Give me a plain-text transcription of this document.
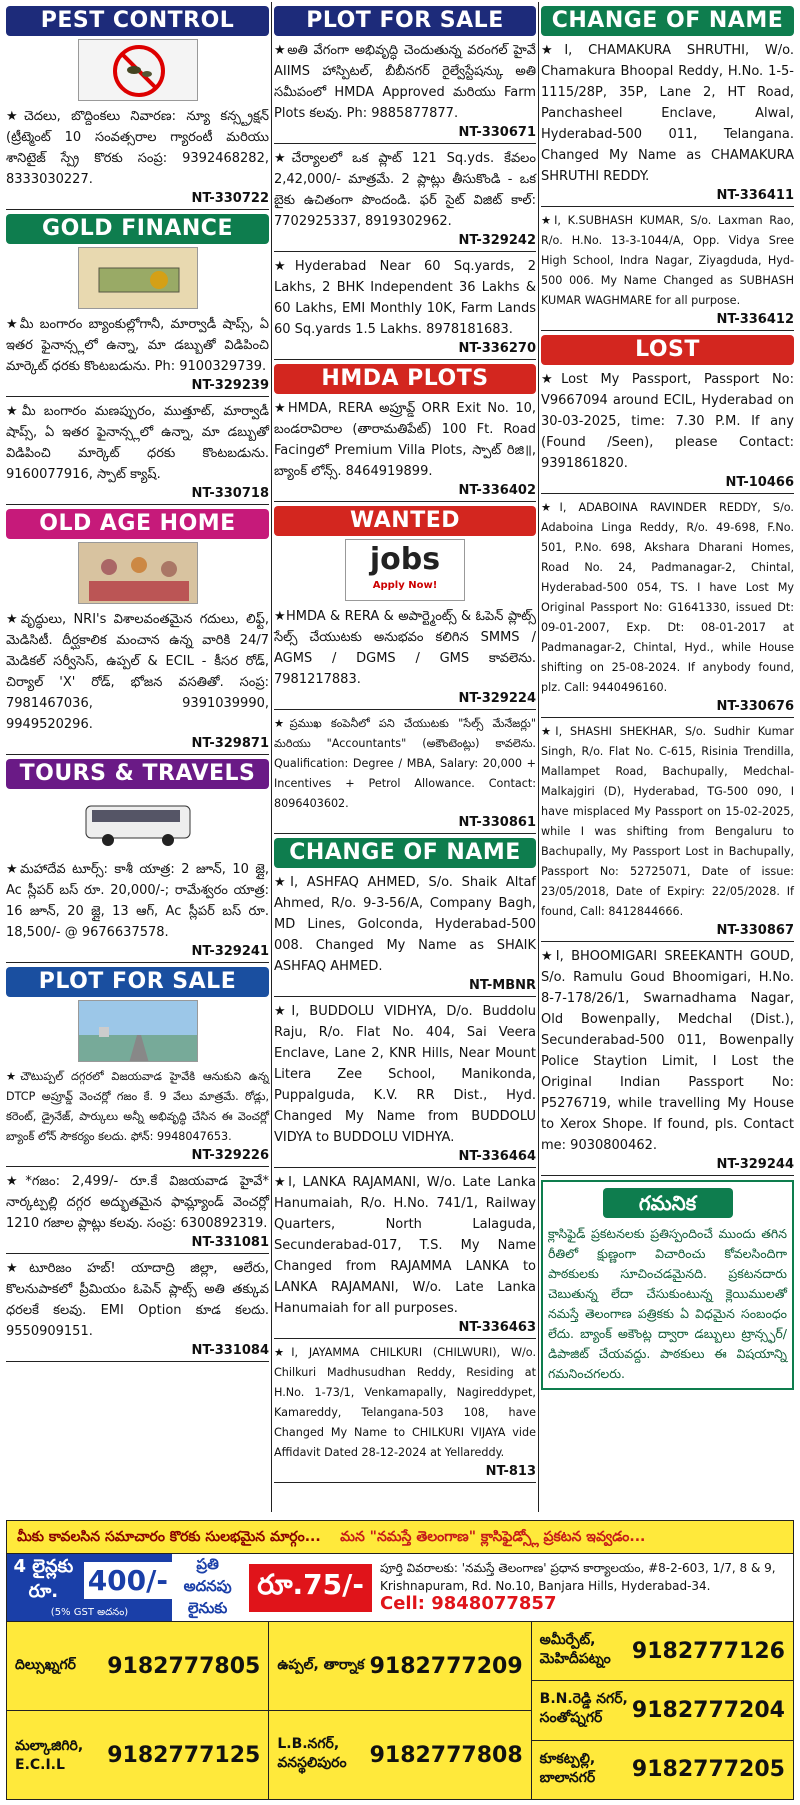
PEST CONTROL
★చెదలు, బొద్దింకలు నివారణ: న్యూ కన్స్ట్రక్షన్ (ట్రీట్మెంట్ 10 సంవత్సరాల గ్యారంటీ మరియు శానిటైజ్ స్ప్రే కొరకు సంప్ర: 9392468282, 8333030227.
NT-330722
GOLD FINANCE
★మీ బంగారం బ్యాంకుల్లోగానీ, మార్వాడీ షాప్స్, ఏ ఇతర ఫైనాన్స్లలో ఉన్నా, మా డబ్బుతో విడిపించి మార్కెట్ ధరకు కొంటబడును. Ph: 9100329739.
NT-329239
★మీ బంగారం మణప్పురం, ముత్తూట్, మార్వాడీ షాప్స్, ఏ ఇతర ఫైనాన్స్లలో ఉన్నా, మా డబ్బుతో విడిపించి మార్కెట్ ధరకు కొంటబడును. 9160077916, స్పాట్ క్యాష్.
NT-330718
OLD AGE HOME
★వృద్ధులు, NRI's విశాలవంతమైన గదులు, లిఫ్ట్, మెడిసిటీ. దీర్ఘకాలిక మంచాన ఉన్న వారికి 24/7 మెడికల్ సర్వీసెస్, ఉప్పల్ & ECIL - కీసర రోడ్, చిర్యాల్ 'X' రోడ్, భోజన వసతితో. సంప్ర: 7981467036, 9391039990, 9949520296.
NT-329871
TOURS & TRAVELS
★మహాదేవ టూర్స్: కాశీ యాత్ర: 2 జూన్, 10 జ్లై, Ac స్లీపర్ బస్ రూ. 20,000/-; రామేశ్వరం యాత్ర: 16 జూన్, 20 జ్లై, 13 ఆగ్, Ac స్లీపర్ బస్ రూ. 18,500/- @ 9676637578.
NT-329241
PLOT FOR SALE
★చౌటుప్పల్ దగ్గరలో విజయవాడ హైవేకి ఆనుకుని ఉన్న DTCP అప్రూవ్డ్ వెంచర్లో గజం కే. 9 వేలు మాత్రమే. రోడ్లు, కరెంట్, డ్రైనేజ్, పార్కులు అన్నీ అభివృద్ధి చేసిన ఈ వెంచర్లో బ్యాంక్ లోన్ సౌకర్యం కలదు. ఫోన్: 9948047653.
NT-329226
★*గజం: 2,499/- రూ.కే విజయవాడ హైవే* నార్కట్పల్లి దగ్గర అద్భుతమైన ఫామ్ల్యాండ్ వెంచర్లో 1210 గజాల ప్లాట్లు కలవు. సంప్ర: 6300892319.
NT-331081
★టూరిజం హబ్! యాదాద్రి జిల్లా, ఆలేరు, కొలనుపాకలో ప్రీమియం ఓపెన్ ప్లాట్స్ అతి తక్కువ ధరలకే కలవు. EMI Option కూడ కలదు. 9550909151.
NT-331084
PLOT FOR SALE
★అతి వేగంగా అభివృద్ధి చెందుతున్న వరంగల్ హైవే AIIMS హాస్పిటల్, బీబీనగర్ రైల్వేస్టేషన్కు అతి సమీపంలో HMDA Approved మరియు Farm Plots కలవు. Ph: 9885877877.
NT-330671
★చేర్యాలలో ఒక ప్లాట్ 121 Sq.yds. కేవలం 2,42,000/- మాత్రమే. 2 ప్లాట్లు తీసుకొండి - ఒక బైకు ఉచితంగా పొందండి. ఫర్ సైట్ విజిట్ కాల్: 7702925337, 8919302962.
NT-329242
★Hyderabad Near 60 Sq.yards, 2 Lakhs, 2 BHK Independent 36 Lakhs & 60 Lakhs, EMI Monthly 10K, Farm Lands 60 Sq.yards 1.5 Lakhs. 8978181683.
NT-336270
HMDA PLOTS
★HMDA, RERA అప్రూవ్డ్ ORR Exit No. 10, బండరావిరాల (తారామతిపేట్) 100 Ft. Road Facingలో Premium Villa Plots, స్పాట్ రిజి॥, బ్యాంక్ లోన్స్. 8464919899.
NT-336402
WANTED
jobs
Apply Now!
★HMDA & RERA & అపార్ట్మెంట్స్ & ఓపెన్ ప్లాట్స్ సేల్స్ చేయుటకు అనుభవం కలిగిన SMMS / AGMS / DGMS / GMS కావలెను. 7981217883.
NT-329224
★ప్రముఖ కంపెనీలో పని చేయుటకు "సేల్స్ మేనేజర్లు" మరియు "Accountants" (అకౌంటెంట్లు) కావలెను. Qualification: Degree / MBA, Salary: 20,000 + Incentives + Petrol Allowance. Contact: 8096403602.
NT-330861
CHANGE OF NAME
★I, ASHFAQ AHMED, S/o. Shaik Altaf Ahmed, R/o. 9-3-56/A, Company Bagh, MD Lines, Golconda, Hyderabad-500 008. Changed My Name as SHAIK ASHFAQ AHMED.
NT-MBNR
★I, BUDDOLU VIDHYA, D/o. Buddolu Raju, R/o. Flat No. 404, Sai Veera Enclave, Lane 2, KNR Hills, Near Mount Litera Zee School, Manikonda, Puppalguda, K.V. RR Dist., Hyd. Changed My Name from BUDDOLU VIDYA to BUDDOLU VIDHYA.
NT-336464
★I, LANKA RAJAMANI, W/o. Late Lanka Hanumaiah, R/o. H.No. 741/1, Railway Quarters, North Lalaguda, Secunderabad-017, T.S. My Name Changed from RAJAMMA LANKA to LANKA RAJAMANI, W/o. Late Lanka Hanumaiah for all purposes.
NT-336463
★I, JAYAMMA CHILKURI (CHILWURI), W/o. Chilkuri Madhusudhan Reddy, Residing at H.No. 1-73/1, Venkamapally, Nagireddypet, Kamareddy, Telangana-503 108, have Changed My Name to CHILKURI VIJAYA vide Affidavit Dated 28-12-2024 at Yellareddy.
NT-813
CHANGE OF NAME
★I, CHAMAKURA SHRUTHI, W/o. Chamakura Bhoopal Reddy, H.No. 1-5-1115/28P, 35P, Lane 2, HT Road, Panchasheel Enclave, Alwal, Hyderabad-500 011, Telangana. Changed My Name as CHAMAKURA SHRUTHI REDDY.
NT-336411
★I, K.SUBHASH KUMAR, S/o. Laxman Rao, R/o. H.No. 13-3-1044/A, Opp. Vidya Sree High School, Indra Nagar, Ziyagduda, Hyd-500 006. My Name Changed as SUBHASH KUMAR WAGHMARE for all purpose.
NT-336412
LOST
★Lost My Passport, Passport No: V9667094 around ECIL, Hyderabad on 30-03-2025, time: 7.30 P.M. If any (Found /Seen), please Contact: 9391861820.
NT-10466
★I, ADABOINA RAVINDER REDDY, S/o. Adaboina Linga Reddy, R/o. 49-698, F.No. 501, P.No. 698, Akshara Dharani Homes, Road No. 24, Padmanagar-2, Chintal, Hyderabad-500 054, TS. I have Lost My Original Passport No: G1641330, issued Dt: 09-01-2007, Exp. Dt: 08-01-2017 at Padmanagar-2, Chintal, Hyd., while House shifting on 25-08-2024. If anybody found, plz. Call: 9440496160.
NT-330676
★I, SHASHI SHEKHAR, S/o. Sudhir Kumar Singh, R/o. Flat No. C-615, Risinia Trendilla, Mallampet Road, Bachupally, Medchal-Malkajgiri (D), Hyderabad, TG-500 090, I have misplaced My Passport on 15-02-2025, while I was shifting from Bengaluru to Bachupally, My Passport Lost in Bachupally, Passport No: 52725071, Date of issue: 23/05/2018, Date of Expiry: 22/05/2028. If found, Call: 8412844666.
NT-330867
★I, BHOOMIGARI SREEKANTH GOUD, S/o. Ramulu Goud Bhoomigari, H.No. 8-7-178/26/1, Swarnadhama Nagar, Old Bowenpally, Medchal (Dist.), Secunderabad-500 011, Bowenpally Police Staytion Limit, I Lost the Original Indian Passport No: P5276719, while travelling My House to Xerox Shope. If found, pls. Contact me: 9030800462.
NT-329244
గమనిక
క్లాసిఫైడ్ ప్రకటనలకు ప్రతిస్పందించే ముందు తగిన రీతిలో క్షుణ్ణంగా విచారించు కోవలసిందిగా పాఠకులకు సూచించడమైనది. ప్రకటనదారు చెబుతున్న లేదా చేసుకుంటున్న క్లెయిములతో నమస్తే తెలంగాణ పత్రికకు ఏ విధమైన సంబంధం లేదు. బ్యాంక్ అకౌంట్ల ద్వారా డబ్బులు ట్రాన్స్ఫర్/డిపాజిట్ చేయవద్దు. పాఠకులు ఈ విషయాన్ని గమనించగలరు.
మీకు కావలసిన సమాచారం కొరకు సులభమైన మార్గం... మన "నమస్తే తెలంగాణ" క్లాసిఫైడ్స్లో ప్రకటన ఇవ్వడం...
4 లైన్లకు రూ.	400/-
(5% GST అదనం)
ప్రతి అదనపు లైనుకు
రూ.75/-	పూర్తి వివరాలకు: 'నమస్తే తెలంగాణ' ప్రధాన కార్యాలయం, #8-2-603, 1/7, 8 & 9, Krishnapuram, Rd. No.10, Banjara Hills, Hyderabad-34.
Cell: 9848077857
దిల్సుఖ్నగర్ 9182777805
మల్కాజిగిరి, E.C.I.L	9182777125
ఉప్పల్, తార్నాక 9182777209
L.B.నగర్, వనస్థలిపురం	9182777808
అమీర్పేట్, మెహిదీపట్నం 9182777126
B.N.రెడ్డి నగర్, సంతోష్నగర్	9182777204
కూకట్పల్లి, బాలానగర్	9182777205
